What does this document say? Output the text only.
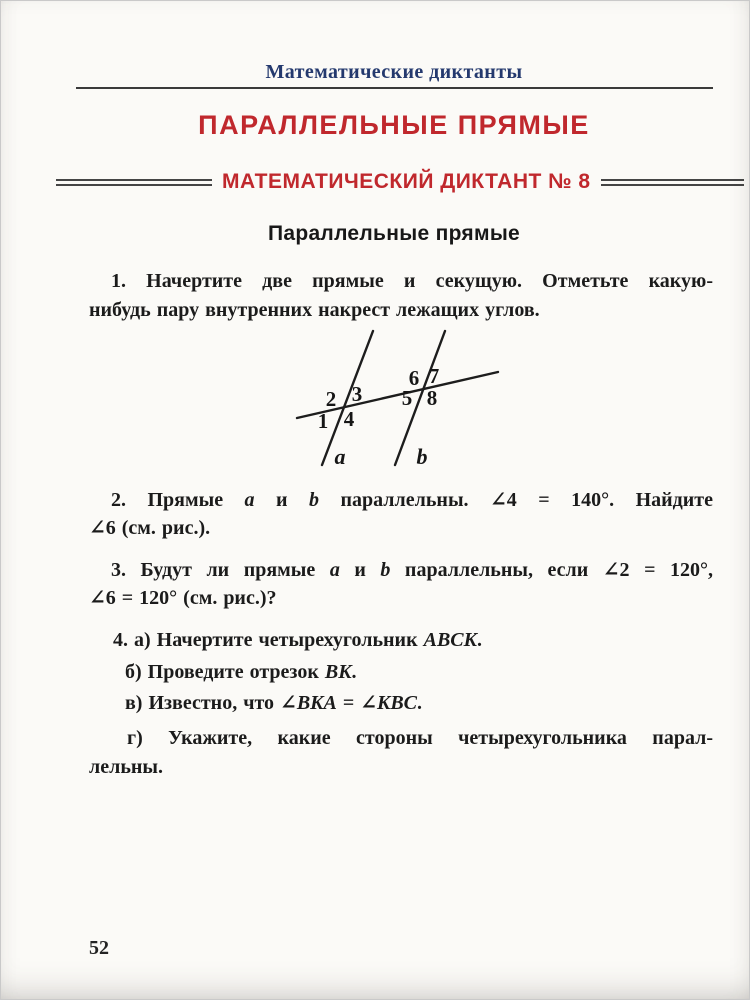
Математические диктанты
ПАРАЛЛЕЛЬНЫЕ ПРЯМЫЕ
МАТЕМАТИЧЕСКИЙ ДИКТАНТ № 8
Параллельные прямые
1. Начертите две прямые и секущую. Отметьте какую-
нибудь пару внутренних накрест лежащих углов.
1
2 3
4
5
6 7
8
a	b
2. Прямые a и b параллельны. ∠4 = 140°. Найдите
∠6 (см. рис.).
3. Будут ли прямые a и b параллельны, если ∠2 = 120°,
∠6 = 120° (см. рис.)?
4. а) Начертите четырехугольник ABCK.
б) Проведите отрезок BK.
в) Известно, что ∠BKA = ∠KBC.
г) Укажите, какие стороны четырехугольника парал-
лельны.
52
